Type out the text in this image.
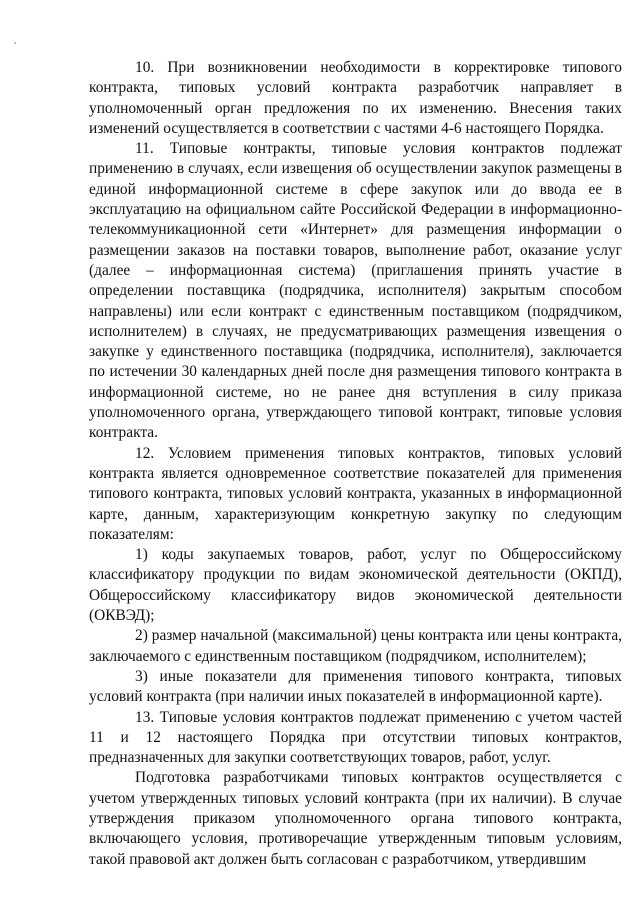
10. При возникновении необходимости в корректировке типового контракта, типовых условий контракта разработчик направляет в уполномоченный орган предложения по их изменению. Внесения таких изменений осуществляется в соответствии с частями 4-6 настоящего Порядка.

11. Типовые контракты, типовые условия контрактов подлежат применению в случаях, если извещения об осуществлении закупок размещены в единой информационной системе в сфере закупок или до ввода ее в эксплуатацию на официальном сайте Российской Федерации в информационно-телекоммуникационной сети «Интернет» для размещения информации о размещении заказов на поставки товаров, выполнение работ, оказание услуг (далее – информационная система) (приглашения принять участие в определении поставщика (подрядчика, исполнителя) закрытым способом направлены) или если контракт с единственным поставщиком (подрядчиком, исполнителем) в случаях, не предусматривающих размещения извещения о закупке у единственного поставщика (подрядчика, исполнителя), заключается по истечении 30 календарных дней после дня размещения типового контракта в информационной системе, но не ранее дня вступления в силу приказа уполномоченного органа, утверждающего типовой контракт, типовые условия контракта.

12. Условием применения типовых контрактов, типовых условий контракта является одновременное соответствие показателей для применения типового контракта, типовых условий контракта, указанных в информационной карте, данным, характеризующим конкретную закупку по следующим показателям:

1) коды закупаемых товаров, работ, услуг по Общероссийскому классификатору продукции по видам экономической деятельности (ОКПД), Общероссийскому классификатору видов экономической деятельности (ОКВЭД);

2) размер начальной (максимальной) цены контракта или цены контракта, заключаемого с единственным поставщиком (подрядчиком, исполнителем);

3) иные показатели для применения типового контракта, типовых условий контракта (при наличии иных показателей в информационной карте).

13. Типовые условия контрактов подлежат применению с учетом частей 11 и 12 настоящего Порядка при отсутствии типовых контрактов, предназначенных для закупки соответствующих товаров, работ, услуг.

Подготовка разработчиками типовых контрактов осуществляется с учетом утвержденных типовых условий контракта (при их наличии). В случае утверждения приказом уполномоченного органа типового контракта, включающего условия, противоречащие утвержденным типовым условиям, такой правовой акт должен быть согласован с разработчиком, утвердившим
